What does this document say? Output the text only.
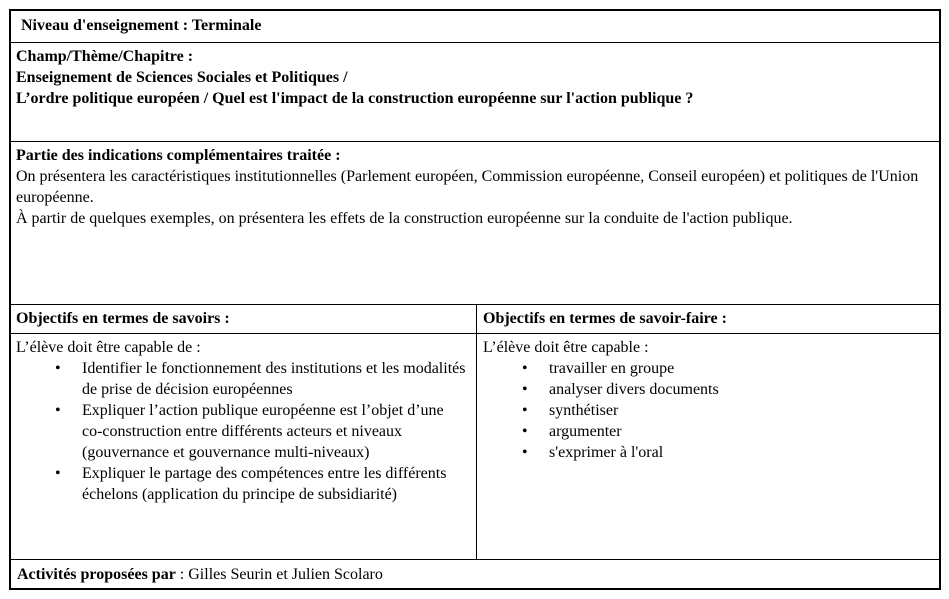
Niveau d'enseignement : Terminale
Champ/Thème/Chapitre :
Enseignement de Sciences Sociales et Politiques /
L’ordre politique européen / Quel est l'impact de la construction européenne sur l'action publique ?
Partie des indications complémentaires traitée :
On présentera les caractéristiques institutionnelles (Parlement européen, Commission européenne, Conseil européen) et politiques de l'Union européenne.
À partir de quelques exemples, on présentera les effets de la construction européenne sur la conduite de l'action publique.
Objectifs en termes de savoirs :	Objectifs en termes de savoir-faire :
L’élève doit être capable de :
• Identifier le fonctionnement des institutions et les modalités de prise de décision européennes
• Expliquer l’action publique européenne est l’objet d’une co-construction entre différents acteurs et niveaux (gouvernance et gouvernance multi-niveaux)
• Expliquer le partage des compétences entre les différents échelons (application du principe de subsidiarité)
L’élève doit être capable :
• travailler en groupe
• analyser divers documents
• synthétiser
• argumenter
• s'exprimer à l'oral
Activités proposées par : Gilles Seurin et Julien Scolaro
